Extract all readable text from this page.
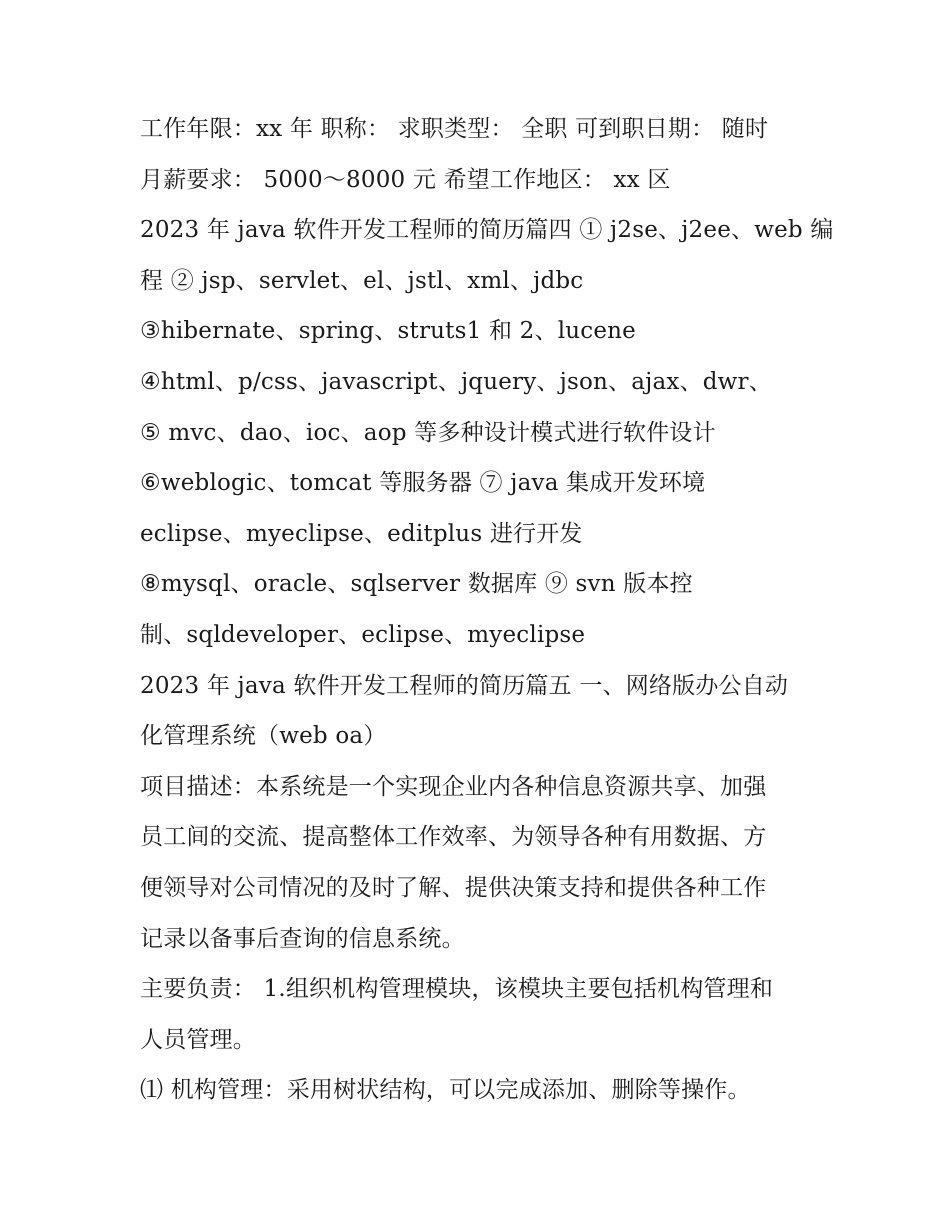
工作年限：xx 年 职称： 求职类型： 全职 可到职日期： 随时
月薪要求： 5000～8000 元 希望工作地区： xx 区
2023 年 java 软件开发工程师的简历篇四 ① j2se、j2ee、web 编
程 ② jsp、servlet、el、jstl、xml、jdbc
③hibernate、spring、struts1 和 2、lucene
④html、p/css、javascript、jquery、json、ajax、dwr、
⑤ mvc、dao、ioc、aop 等多种设计模式进行软件设计
⑥weblogic、tomcat 等服务器 ⑦ java 集成开发环境
eclipse、myeclipse、editplus 进行开发
⑧mysql、oracle、sqlserver 数据库 ⑨ svn 版本控
制、sqldeveloper、eclipse、myeclipse
2023 年 java 软件开发工程师的简历篇五 一、网络版办公自动
化管理系统（web oa）
项目描述：本系统是一个实现企业内各种信息资源共享、加强
员工间的交流、提高整体工作效率、为领导各种有用数据、方
便领导对公司情况的及时了解、提供决策支持和提供各种工作
记录以备事后查询的信息系统。
主要负责： 1.组织机构管理模块，该模块主要包括机构管理和
人员管理。
⑴ 机构管理：采用树状结构，可以完成添加、删除等操作。
